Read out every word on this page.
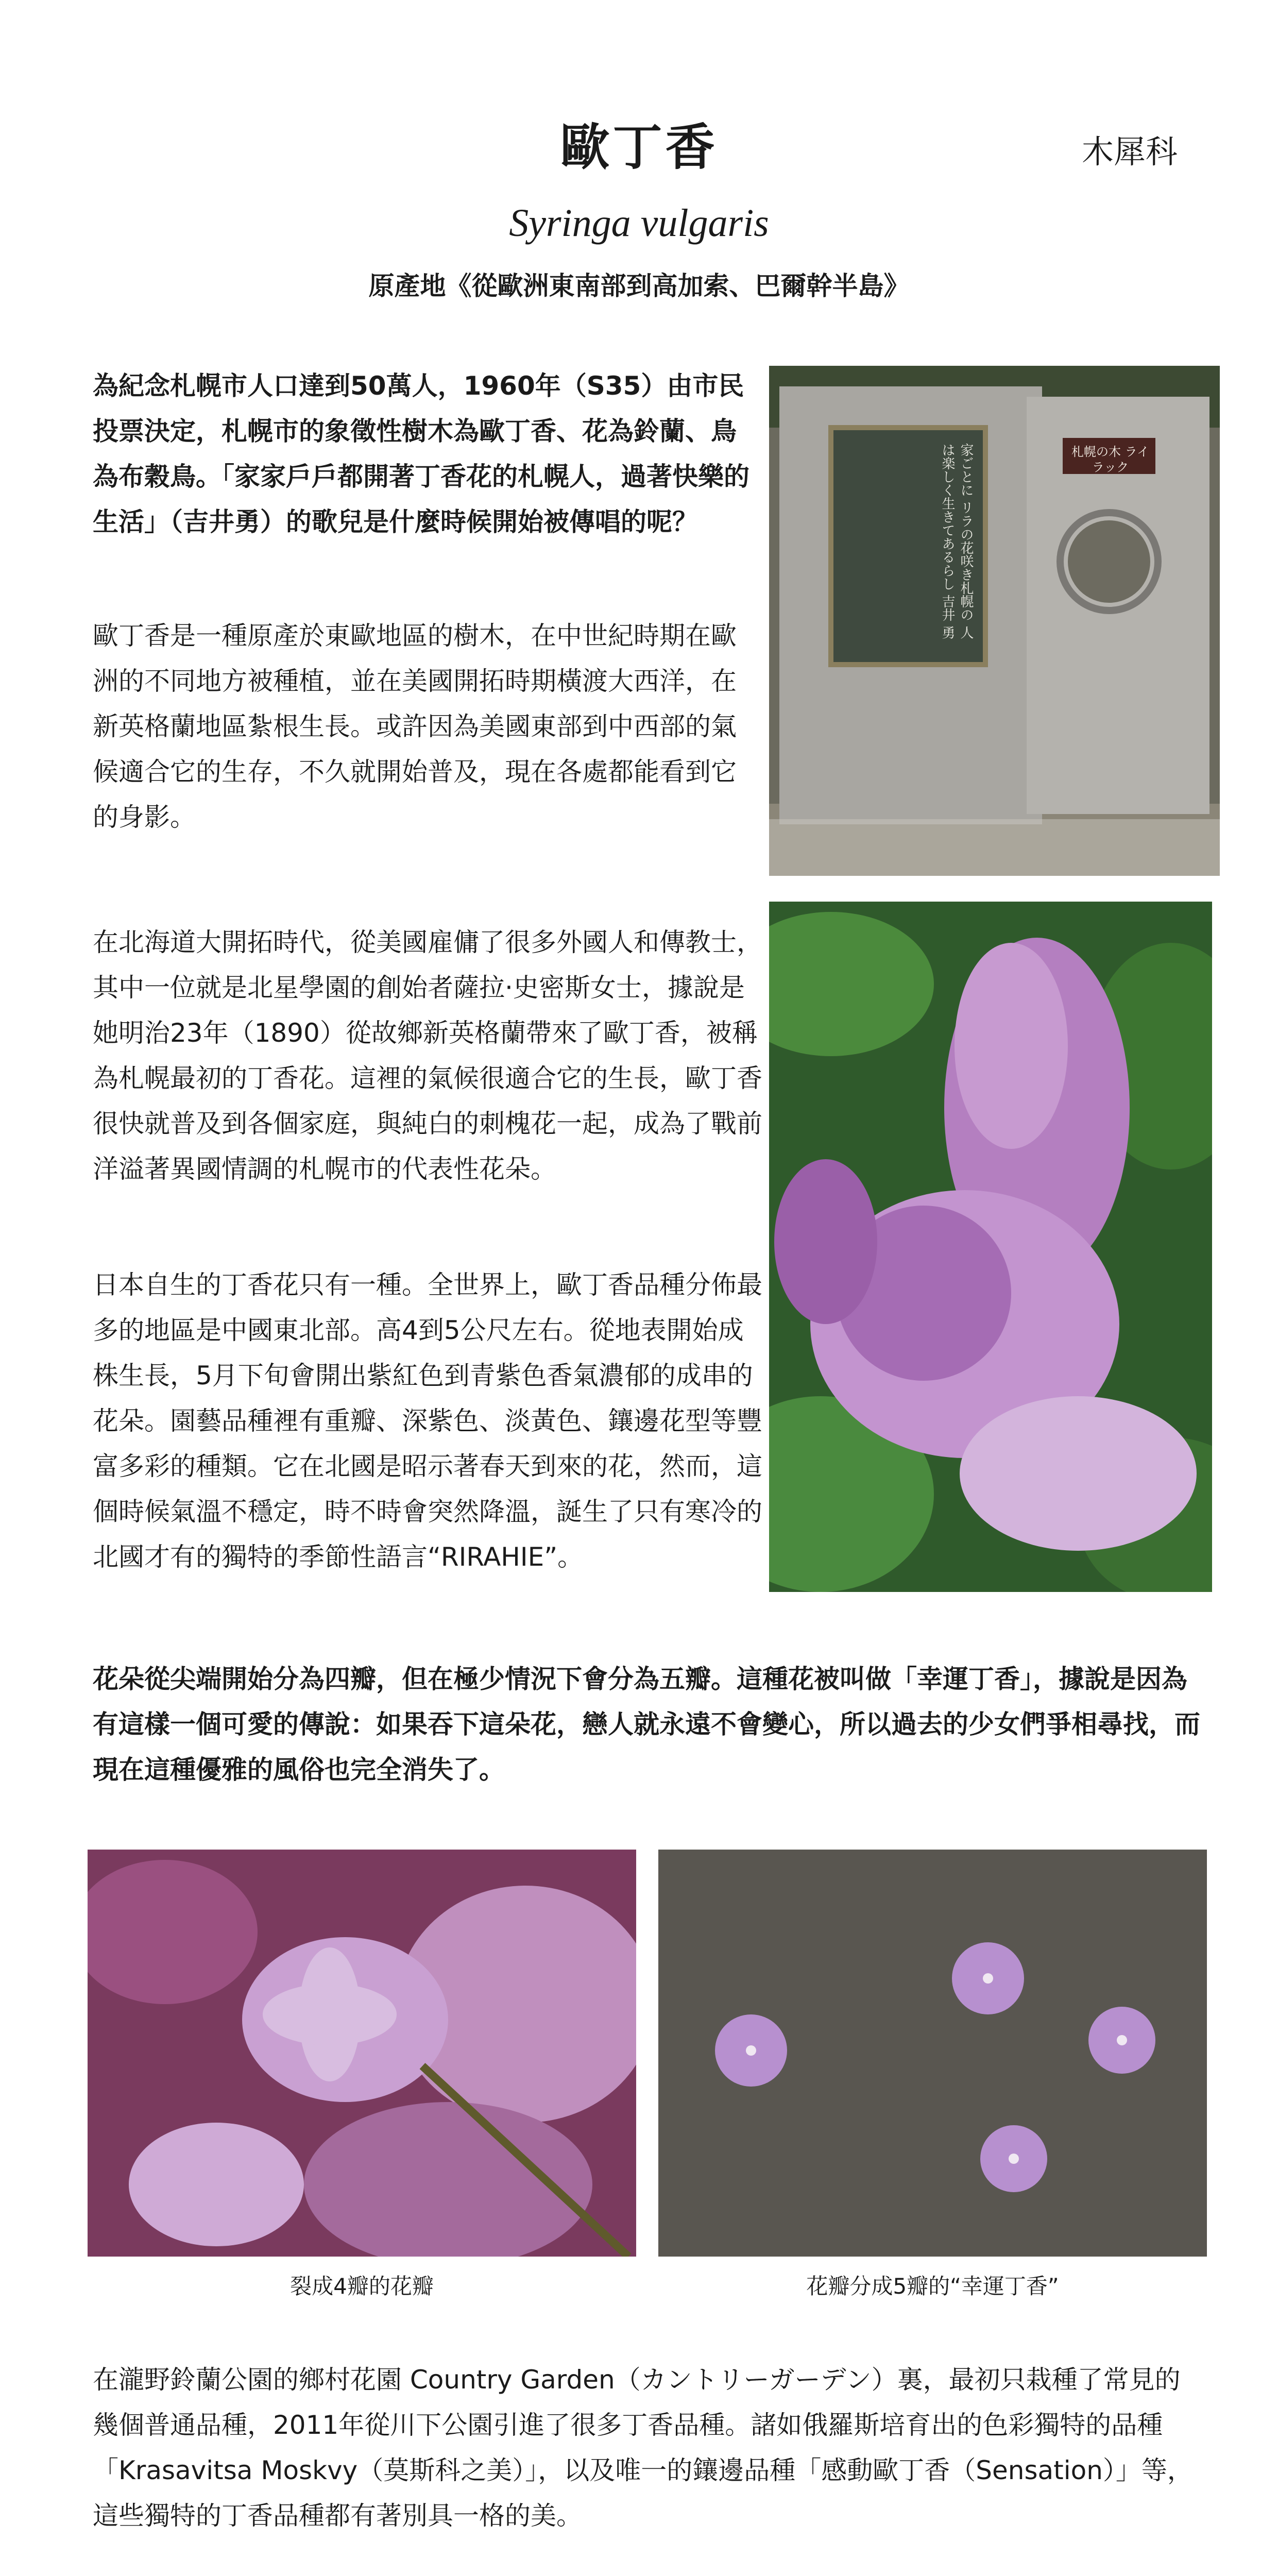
歐丁香	木犀科
Syringa vulgaris
原產地《從歐洲東南部到高加索、巴爾幹半島》
為紀念札幌市人口達到50萬人，1960年（S35）由市民投票決定，札幌市的象徵性樹木為歐丁香、花為鈴蘭、鳥為布穀鳥。「家家戶戶都開著丁香花的札幌人，過著快樂的生活」（吉井勇）的歌兒是什麼時候開始被傳唱的呢？
歐丁香是一種原產於東歐地區的樹木，在中世紀時期在歐洲的不同地方被種植，並在美國開拓時期橫渡大西洋，在新英格蘭地區紮根生長。或許因為美國東部到中西部的氣候適合它的生存，不久就開始普及，現在各處都能看到它的身影。
札幌の木 ライラック
家ごとに リラの花咲き札幌の 人は楽しく生きてあるらし 吉井 勇
在北海道大開拓時代，從美國雇傭了很多外國人和傳教士，其中一位就是北星學園的創始者薩拉·史密斯女士，據說是她明治23年（1890）從故鄉新英格蘭帶來了歐丁香，被稱為札幌最初的丁香花。這裡的氣候很適合它的生長，歐丁香很快就普及到各個家庭，與純白的刺槐花一起，成為了戰前洋溢著異國情調的札幌市的代表性花朵。
日本自生的丁香花只有一種。全世界上，歐丁香品種分佈最多的地區是中國東北部。高4到5公尺左右。從地表開始成株生長，5月下旬會開出紫紅色到青紫色香氣濃郁的成串的花朵。園藝品種裡有重瓣、深紫色、淡黃色、鑲邊花型等豐富多彩的種類。它在北國是昭示著春天到來的花，然而，這個時候氣溫不穩定，時不時會突然降溫，誕生了只有寒冷的北國才有的獨特的季節性語言“RIRAHIE”。
花朵從尖端開始分為四瓣，但在極少情況下會分為五瓣。這種花被叫做「幸運丁香」，據說是因為有這樣一個可愛的傳說：如果吞下這朵花，戀人就永遠不會變心，所以過去的少女們爭相尋找，而現在這種優雅的風俗也完全消失了。
裂成4瓣的花瓣	花瓣分成5瓣的“幸運丁香”
在瀧野鈴蘭公園的鄉村花園 Country Garden（カントリーガーデン）裏，最初只栽種了常見的幾個普通品種，2011年從川下公園引進了很多丁香品種。諸如俄羅斯培育出的色彩獨特的品種「Krasavitsa Moskvy（莫斯科之美）」，以及唯一的鑲邊品種「感動歐丁香（Sensation）」等，這些獨特的丁香品種都有著別具一格的美。
